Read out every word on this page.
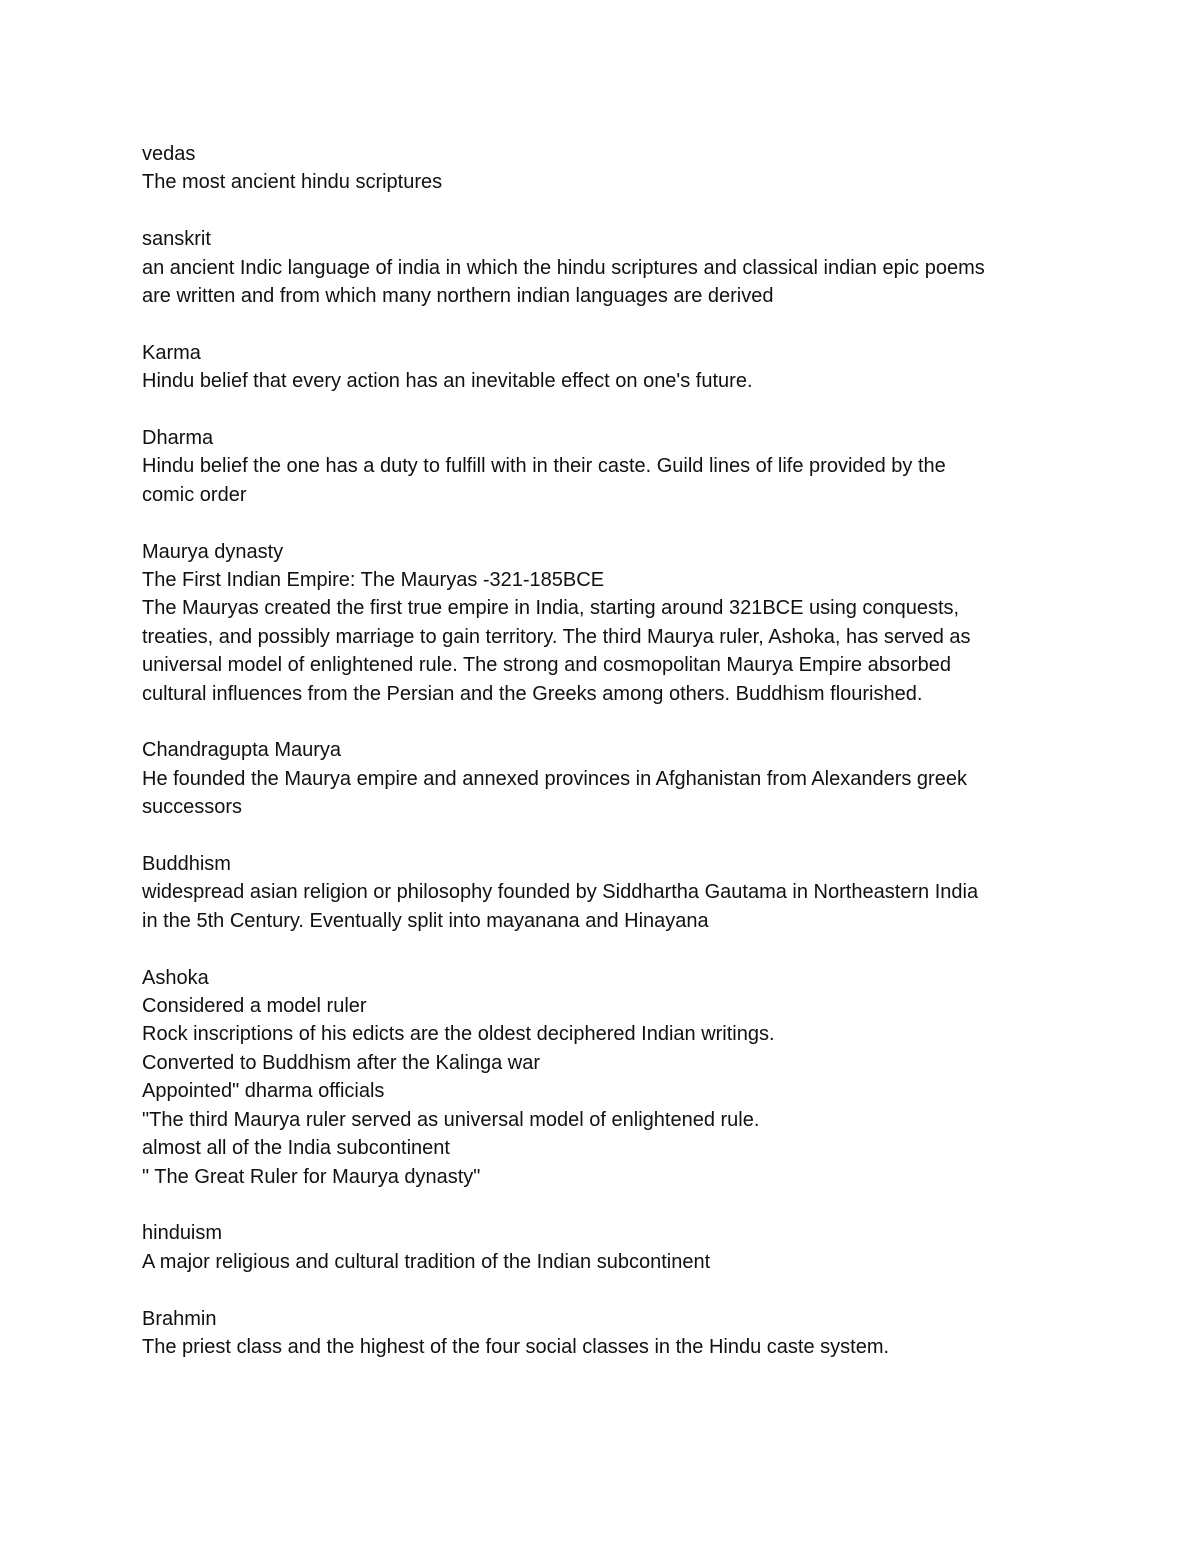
vedas
The most ancient hindu scriptures
sanskrit
an ancient Indic language of india in which the hindu scriptures and classical indian epic poems
are written and from which many northern indian languages are derived
Karma
Hindu belief that every action has an inevitable effect on one's future.
Dharma
Hindu belief the one has a duty to fulfill with in their caste. Guild lines of life provided by the
comic order
Maurya dynasty
The First Indian Empire: The Mauryas -321-185BCE
The Mauryas created the first true empire in India, starting around 321BCE using conquests,
treaties, and possibly marriage to gain territory. The third Maurya ruler, Ashoka, has served as
universal model of enlightened rule. The strong and cosmopolitan Maurya Empire absorbed
cultural influences from the Persian and the Greeks among others. Buddhism flourished.
Chandragupta Maurya
He founded the Maurya empire and annexed provinces in Afghanistan from Alexanders greek
successors
Buddhism
widespread asian religion or philosophy founded by Siddhartha Gautama in Northeastern India
in the 5th Century. Eventually split into mayanana and Hinayana
Ashoka
Considered a model ruler
Rock inscriptions of his edicts are the oldest deciphered Indian writings.
Converted to Buddhism after the Kalinga war
Appointed" dharma officials
"The third Maurya ruler served as universal model of enlightened rule.
almost all of the India subcontinent
" The Great Ruler for Maurya dynasty"
hinduism
A major religious and cultural tradition of the Indian subcontinent
Brahmin
The priest class and the highest of the four social classes in the Hindu caste system.
